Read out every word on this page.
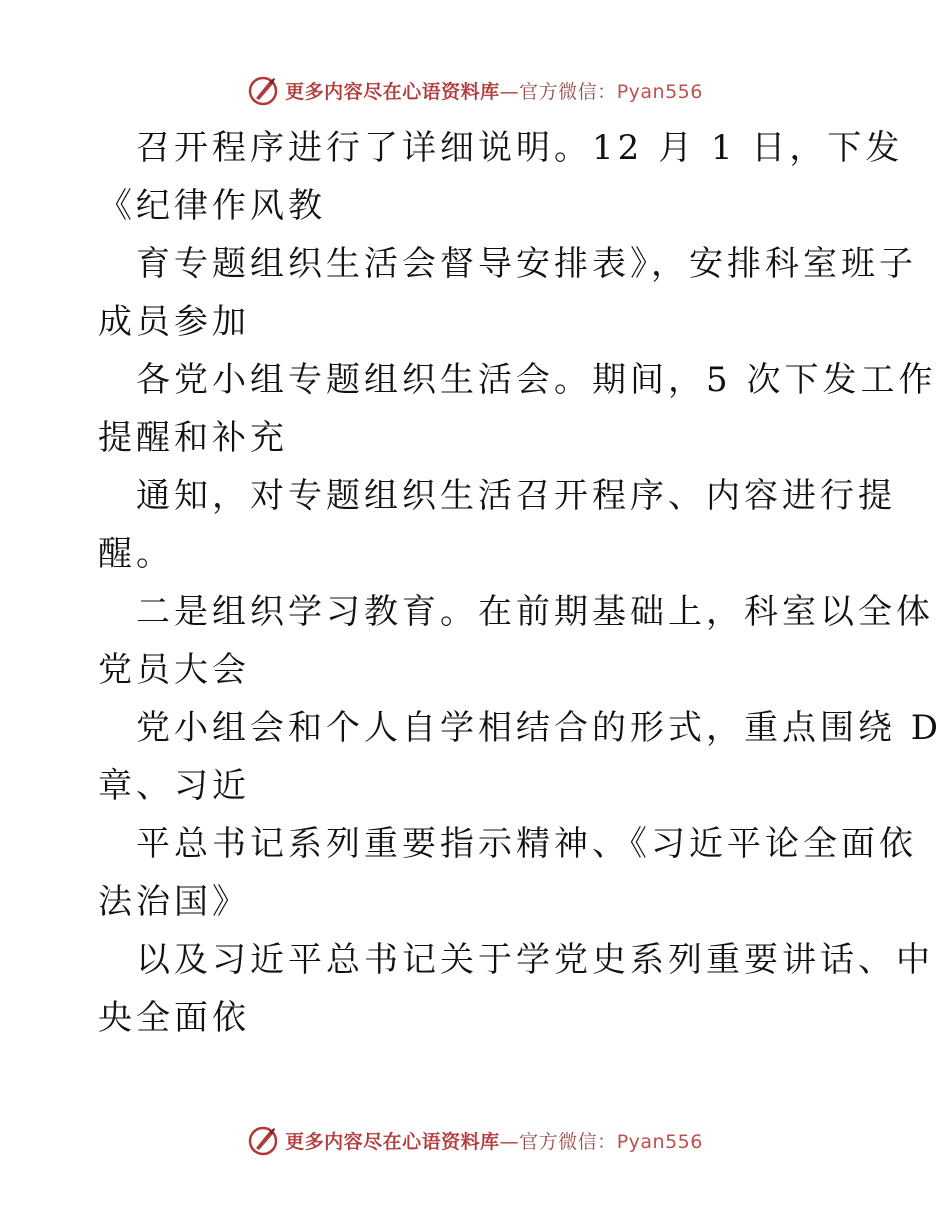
更多内容尽在心语资料库—官方微信：Pyan556
召开程序进行了详细说明。12 月 1 日，下发
《纪律作风教
育专题组织生活会督导安排表》，安排科室班子
成员参加
各党小组专题组织生活会。期间，5 次下发工作
提醒和补充
通知，对专题组织生活召开程序、内容进行提
醒。
二是组织学习教育。在前期基础上，科室以全体
党员大会
党小组会和个人自学相结合的形式，重点围绕 D
章、习近
平总书记系列重要指示精神、《习近平论全面依
法治国》
以及习近平总书记关于学党史系列重要讲话、中
央全面依
更多内容尽在心语资料库—官方微信：Pyan556
